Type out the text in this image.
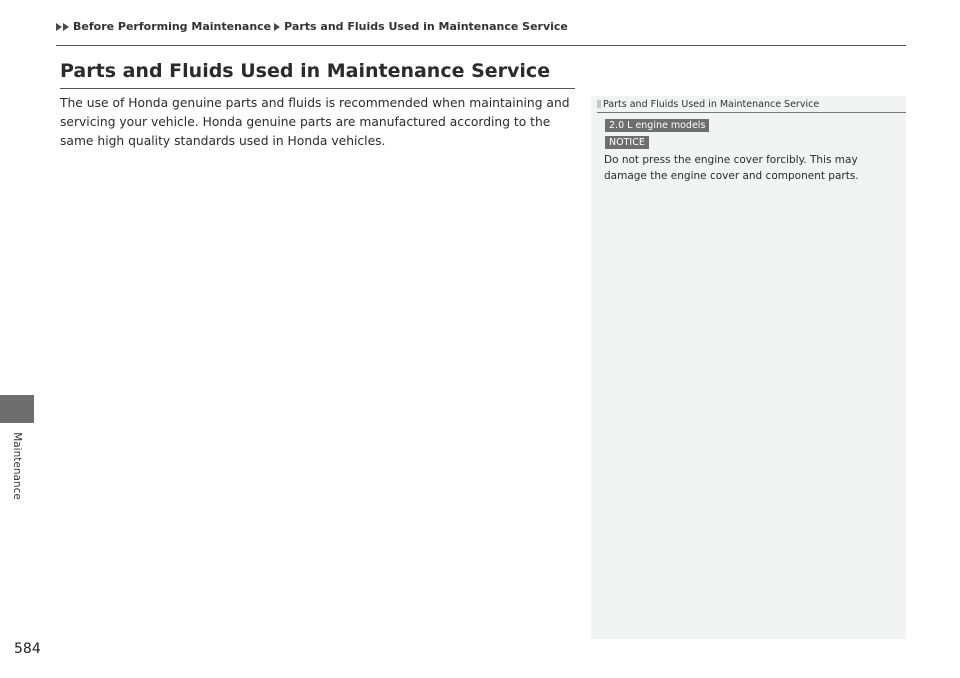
Before Performing Maintenance Parts and Fluids Used in Maintenance Service
Parts and Fluids Used in Maintenance Service

The use of Honda genuine parts and fluids is recommended when maintaining and servicing your vehicle. Honda genuine parts are manufactured according to the same high quality standards used in Honda vehicles.

Maintenance
584
Parts and Fluids Used in Maintenance Service
2.0 L engine models
NOTICE

Do not press the engine cover forcibly. This may damage the engine cover and component parts.
